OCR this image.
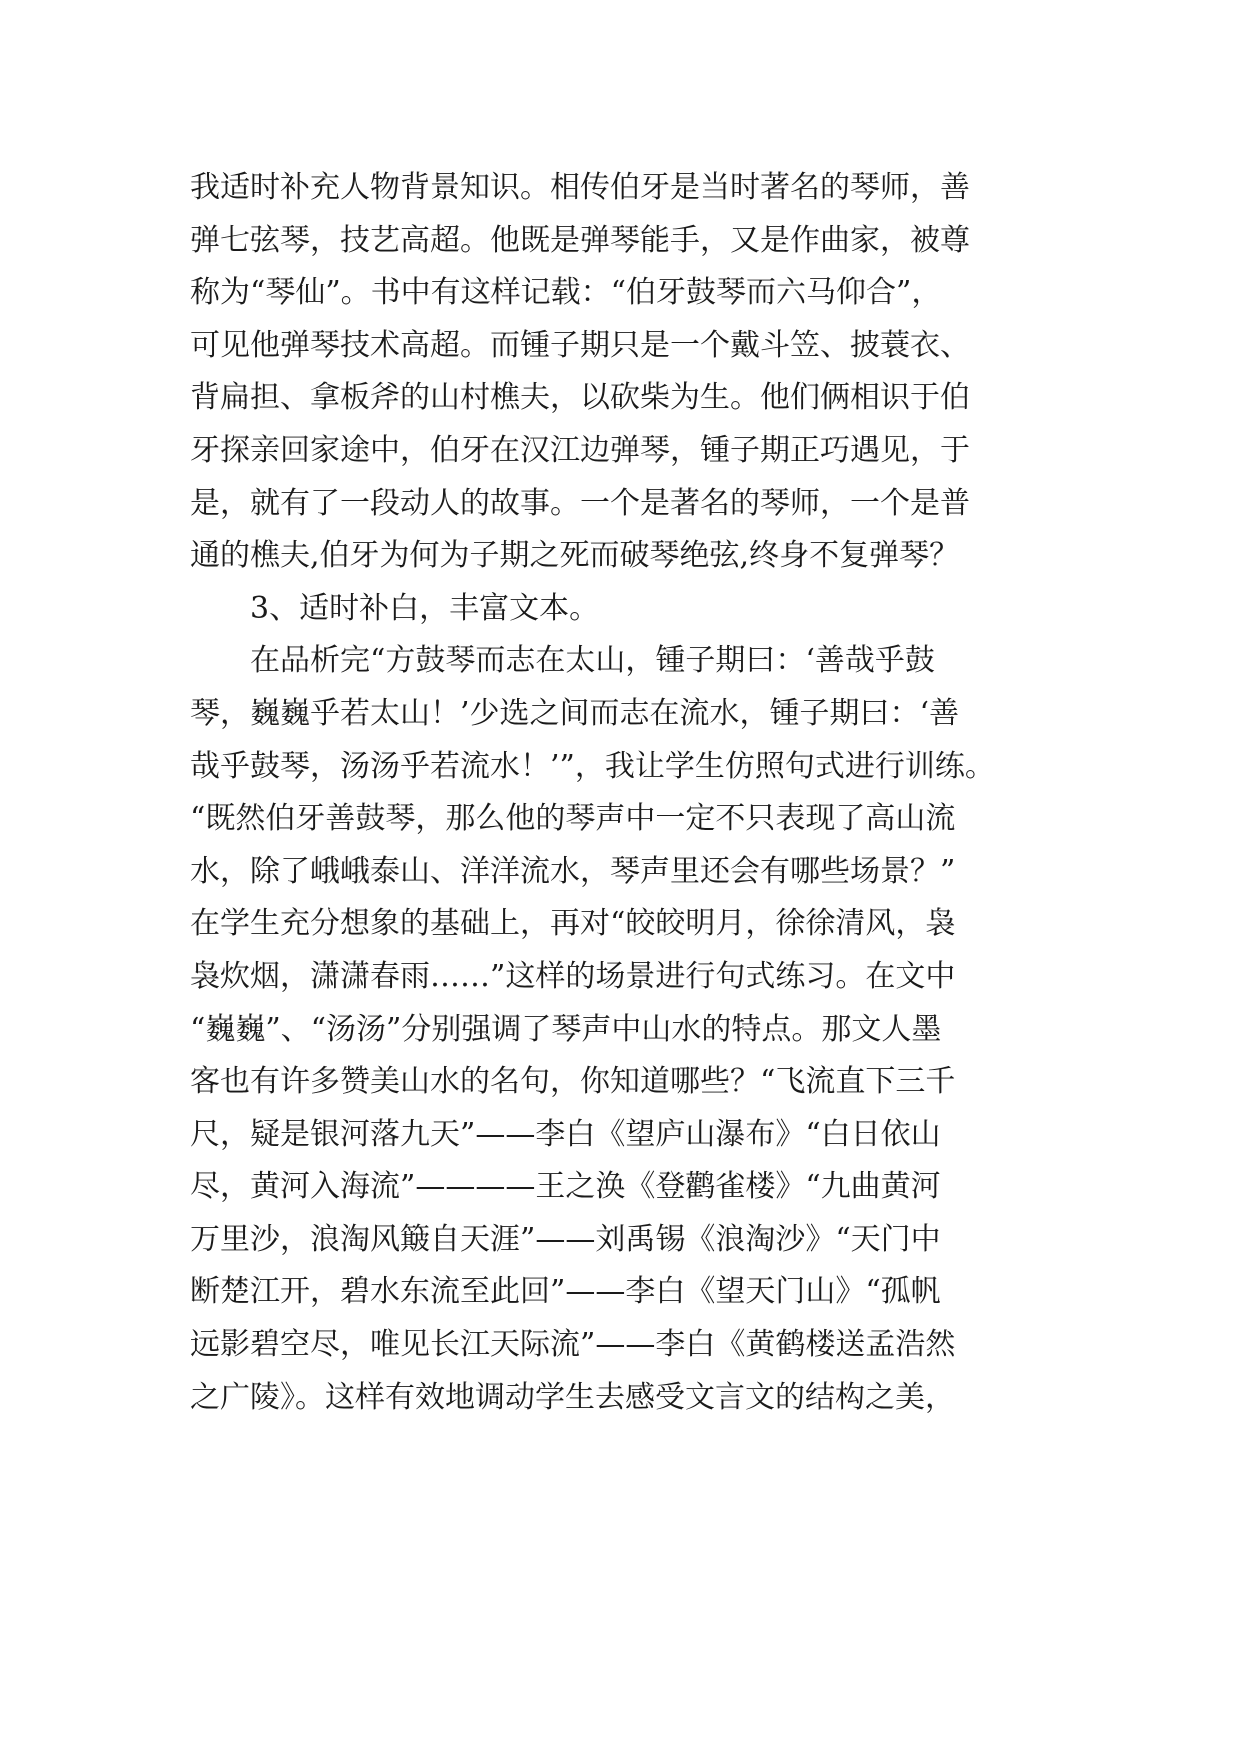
我适时补充人物背景知识。相传伯牙是当时著名的琴师，善
弹七弦琴，技艺高超。他既是弹琴能手，又是作曲家，被尊
称为“琴仙”。书中有这样记载：“伯牙鼓琴而六马仰合”，
可见他弹琴技术高超。而锺子期只是一个戴斗笠、披蓑衣、
背扁担、拿板斧的山村樵夫，以砍柴为生。他们俩相识于伯
牙探亲回家途中，伯牙在汉江边弹琴，锺子期正巧遇见，于
是，就有了一段动人的故事。一个是著名的琴师，一个是普
通的樵夫,伯牙为何为子期之死而破琴绝弦,终身不复弹琴？
3、适时补白，丰富文本。
在品析完“方鼓琴而志在太山，锺子期曰：‘善哉乎鼓
琴，巍巍乎若太山！’少选之间而志在流水，锺子期曰：‘善
哉乎鼓琴，汤汤乎若流水！’”，我让学生仿照句式进行训练。
“既然伯牙善鼓琴，那么他的琴声中一定不只表现了高山流
水，除了峨峨泰山、洋洋流水，琴声里还会有哪些场景？”
在学生充分想象的基础上，再对“皎皎明月，徐徐清风，袅
袅炊烟，潇潇春雨……”这样的场景进行句式练习。在文中
“巍巍”、“汤汤”分别强调了琴声中山水的特点。那文人墨
客也有许多赞美山水的名句，你知道哪些？“飞流直下三千
尺，疑是银河落九天”——李白《望庐山瀑布》“白日依山
尽，黄河入海流”————王之涣《登鹳雀楼》“九曲黄河
万里沙，浪淘风簸自天涯”——刘禹锡《浪淘沙》“天门中
断楚江开，碧水东流至此回”——李白《望天门山》“孤帆
远影碧空尽，唯见长江天际流”——李白《黄鹤楼送孟浩然
之广陵》。这样有效地调动学生去感受文言文的结构之美，
